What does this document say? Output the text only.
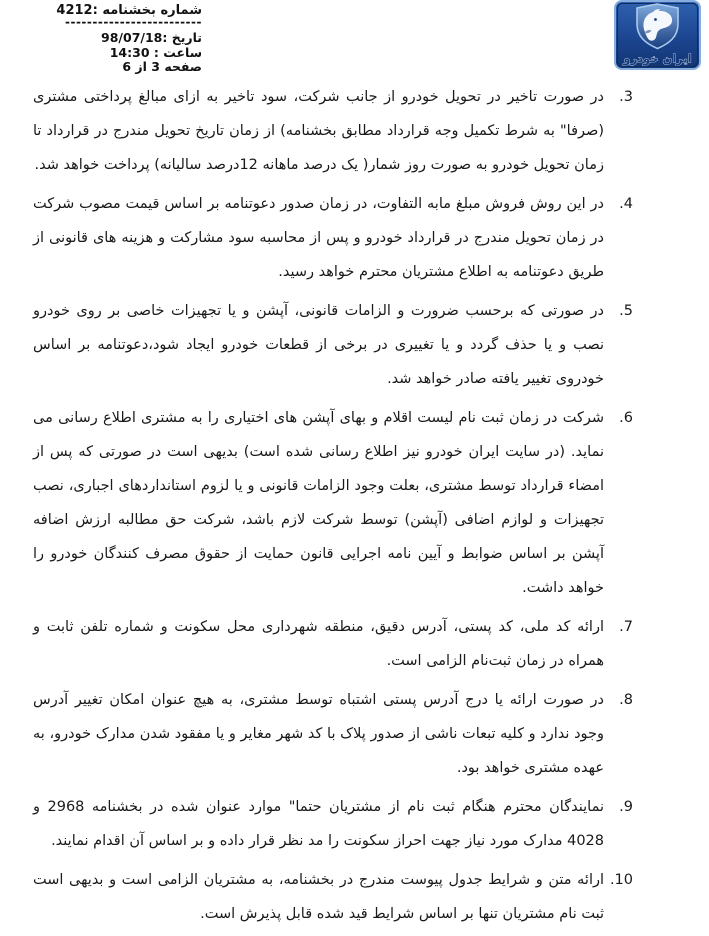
شماره بخشنامه :4212
-------------------------
تاریخ :98/07/18
ساعت : 14:30
صفحه 3 از 6
ایران خودرو
3.
در صورت تاخیر در تحویل خودرو از جانب شرکت، سود تاخیر به ازای مبالغ پرداختی مشتری (صرفا" به شرط تکمیل وجه قرارداد مطابق بخشنامه) از زمان تاریخ تحویل مندرج در قرارداد تا زمان تحویل خودرو به صورت روز شمار( یک درصد ماهانه 12درصد سالیانه) پرداخت خواهد شد.
4.
در این روش فروش مبلغ مابه التفاوت، در زمان صدور دعوتنامه بر اساس قیمت مصوب شرکت در زمان تحویل مندرج در قرارداد خودرو و پس از محاسبه سود مشارکت و هزینه های قانونی از طریق دعوتنامه به اطلاع مشتریان محترم خواهد رسید.
5.
در صورتی که برحسب ضرورت و الزامات قانونی، آپشن و یا تجهیزات خاصی بر روی خودرو نصب و یا حذف گردد و یا تغییری در برخی از قطعات خودرو ایجاد شود،دعوتنامه بر اساس خودروی تغییر یافته صادر خواهد شد.
6.
شرکت در زمان ثبت نام لیست اقلام و بهای آپشن های اختیاری را به مشتری اطلاع رسانی می نماید. (در سایت ایران خودرو نیز اطلاع رسانی شده است) بدیهی است در صورتی که پس از امضاء قرارداد توسط مشتری، بعلت وجود الزامات قانونی و یا لزوم استانداردهای اجباری، نصب تجهیزات و لوازم اضافی (آپشن) توسط شرکت لازم باشد، شرکت حق مطالبه ارزش اضافه آپشن بر اساس ضوابط و آیین نامه اجرایی قانون حمایت از حقوق مصرف کنندگان خودرو را خواهد داشت.
7.
ارائه کد ملی، کد پستی، آدرس دقیق، منطقه شهرداری محل سکونت و شماره تلفن ثابت و همراه در زمان ثبت‌نام الزامی است.
8.
در صورت ارائه یا درج آدرس پستی اشتباه توسط مشتری، به هیچ عنوان امکان تغییر آدرس وجود ندارد و کلیه تبعات ناشی از صدور پلاک با کد شهر مغایر و یا مفقود شدن مدارک خودرو، به عهده مشتری خواهد بود.
9.
نمایندگان محترم هنگام ثبت نام از مشتریان حتما" موارد عنوان شده در بخشنامه 2968 و 4028 مدارک مورد نیاز جهت احراز سکونت را مد نظر قرار داده و بر اساس آن اقدام نمایند.
10.
ارائه متن و شرایط جدول پیوست مندرج در بخشنامه، به مشتریان الزامی است و بدیهی است ثبت نام مشتریان تنها بر اساس شرایط قید شده قابل پذیرش است.
